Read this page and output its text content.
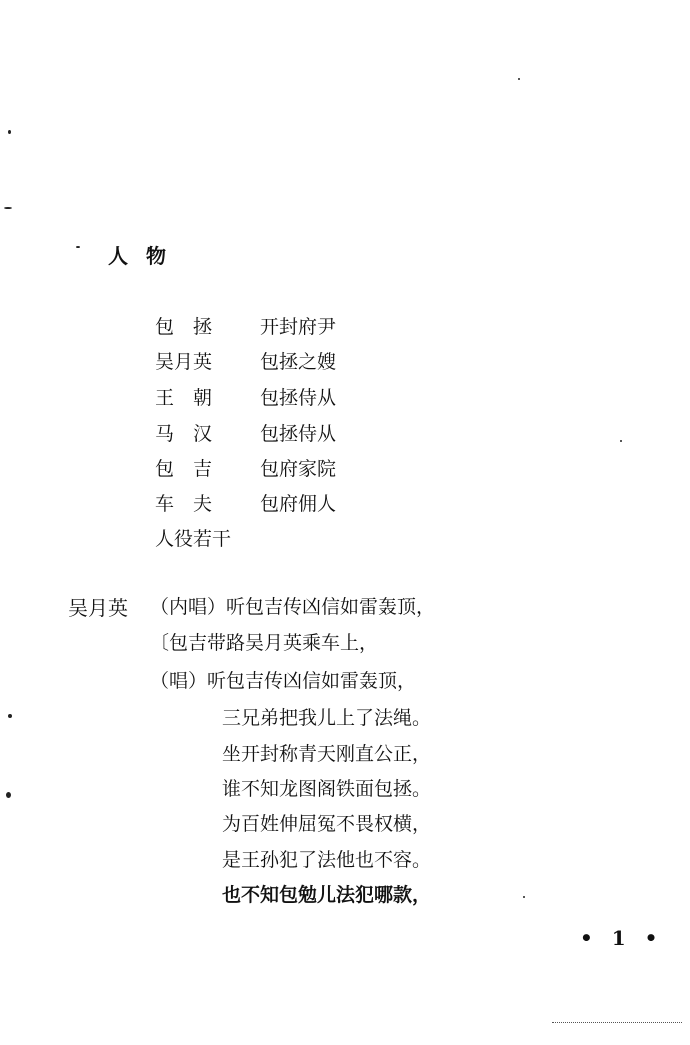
人物
包　拯	开封府尹
吴月英	包拯之嫂
王　朝	包拯侍从
马　汉	包拯侍从
包　吉	包府家院
车　夫	包府佣人
人役若干
吴月英 （内唱）听包吉传凶信如雷轰顶，
〔包吉带路吴月英乘车上，
（唱）听包吉传凶信如雷轰顶，
三兄弟把我儿上了法绳。
坐开封称青天刚直公正，
谁不知龙图阁铁面包拯。
为百姓伸屈冤不畏权横，
是王孙犯了法他也不容。
也不知包勉儿法犯哪款，
• 1 •
